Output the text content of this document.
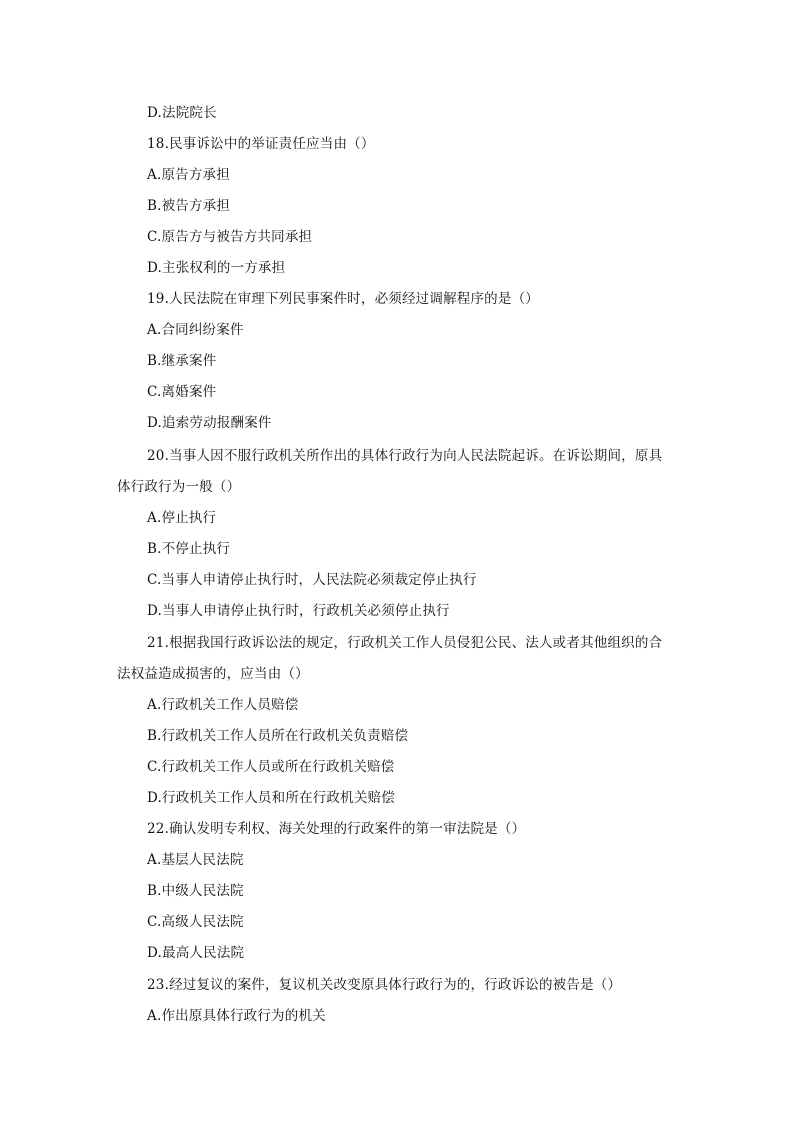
D.法院院长
18.民事诉讼中的举证责任应当由（）
A.原告方承担
B.被告方承担
C.原告方与被告方共同承担
D.主张权利的一方承担
19.人民法院在审理下列民事案件时，必须经过调解程序的是（）
A.合同纠纷案件
B.继承案件
C.离婚案件
D.追索劳动报酬案件
20.当事人因不服行政机关所作出的具体行政行为向人民法院起诉。在诉讼期间，原具
体行政行为一般（）
A.停止执行
B.不停止执行
C.当事人申请停止执行时，人民法院必须裁定停止执行
D.当事人申请停止执行时，行政机关必须停止执行
21.根据我国行政诉讼法的规定，行政机关工作人员侵犯公民、法人或者其他组织的合
法权益造成损害的，应当由（）
A.行政机关工作人员赔偿
B.行政机关工作人员所在行政机关负责赔偿
C.行政机关工作人员或所在行政机关赔偿
D.行政机关工作人员和所在行政机关赔偿
22.确认发明专利权、海关处理的行政案件的第一审法院是（）
A.基层人民法院
B.中级人民法院
C.高级人民法院
D.最高人民法院
23.经过复议的案件，复议机关改变原具体行政行为的，行政诉讼的被告是（）
A.作出原具体行政行为的机关
